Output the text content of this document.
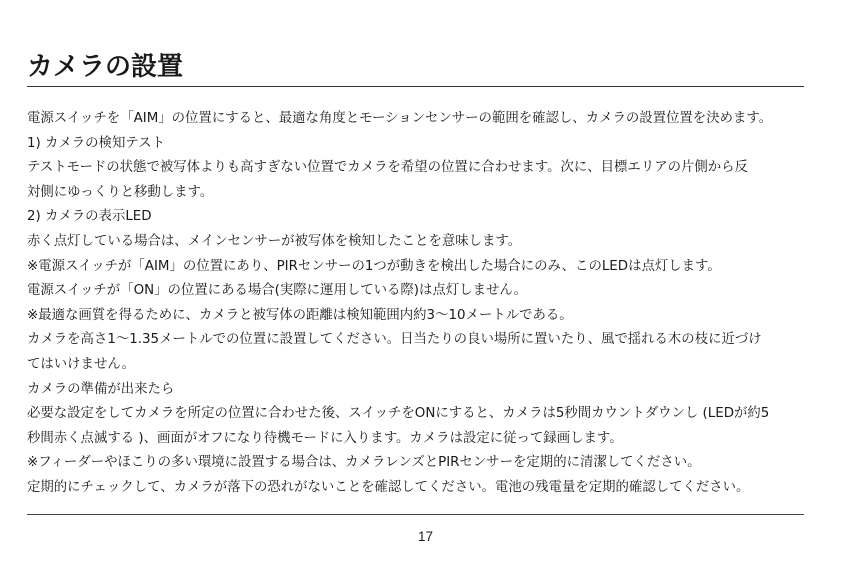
カメラの設置

電源スイッチを「AIM」の位置にすると、最適な角度とモーションセンサーの範囲を確認し、カメラの設置位置を決めます。

1) カメラの検知テスト

テストモードの状態で被写体よりも高すぎない位置でカメラを希望の位置に合わせます。次に、目標エリアの片側から反

対側にゆっくりと移動します。

2) カメラの表示LED

赤く点灯している場合は、メインセンサーが被写体を検知したことを意味します。

※電源スイッチが「AIM」の位置にあり、PIRセンサーの1つが動きを検出した場合にのみ、このLEDは点灯します。

電源スイッチが「ON」の位置にある場合(実際に運用している際)は点灯しません。

※最適な画質を得るために、カメラと被写体の距離は検知範囲内約3～10メートルである。

カメラを高さ1～1.35メートルでの位置に設置してください。日当たりの良い場所に置いたり、風で揺れる木の枝に近づけ

てはいけません。

カメラの準備が出来たら

必要な設定をしてカメラを所定の位置に合わせた後、スイッチをONにすると、カメラは5秒間カウントダウンし (LEDが約5

秒間赤く点滅する )、画面がオフになり待機モードに入ります。カメラは設定に従って録画します。

※フィーダーやほこりの多い環境に設置する場合は、カメラレンズとPIRセンサーを定期的に清潔してください。

定期的にチェックして、カメラが落下の恐れがないことを確認してください。電池の残電量を定期的確認してください。

17
